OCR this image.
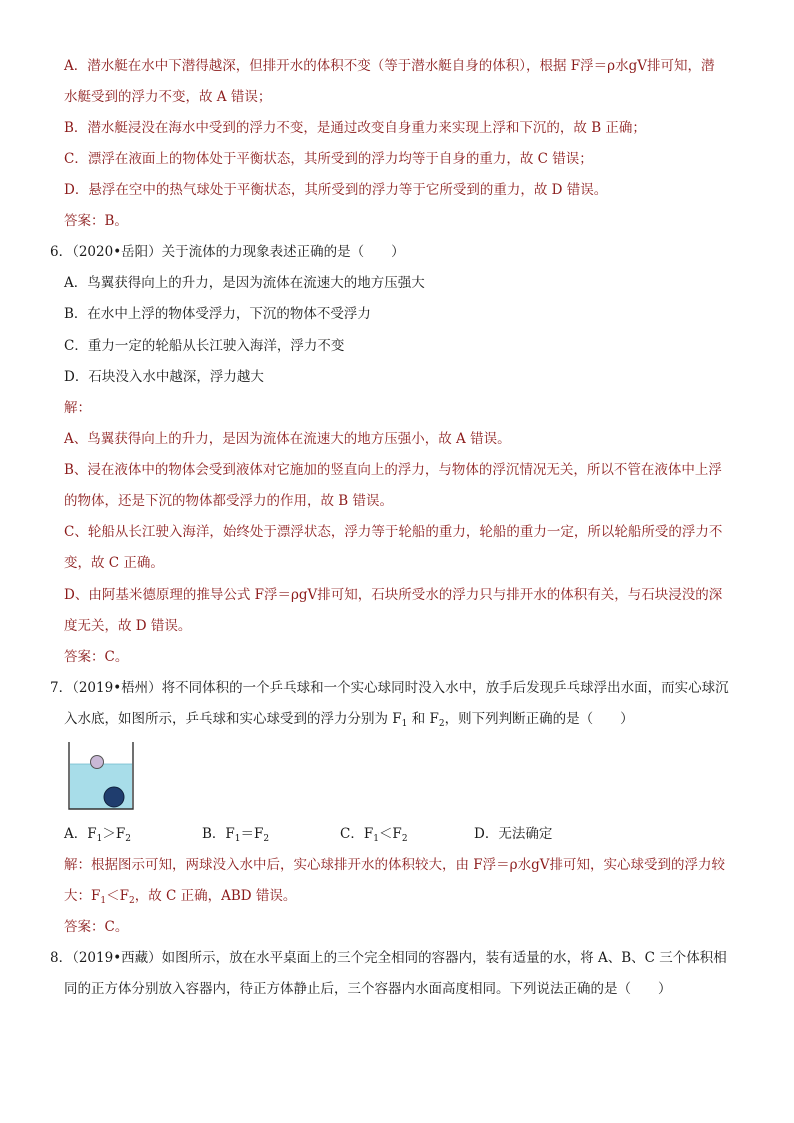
A．潜水艇在水中下潜得越深，但排开水的体积不变（等于潜水艇自身的体积），根据 F浮＝ρ水gV排可知，潜
水艇受到的浮力不变，故 A 错误；
B．潜水艇浸没在海水中受到的浮力不变，是通过改变自身重力来实现上浮和下沉的，故 B 正确；
C．漂浮在液面上的物体处于平衡状态，其所受到的浮力均等于自身的重力，故 C 错误；
D．悬浮在空中的热气球处于平衡状态，其所受到的浮力等于它所受到的重力，故 D 错误。
答案：B。
6．（2020•岳阳）关于流体的力现象表述正确的是（　　）
A．鸟翼获得向上的升力，是因为流体在流速大的地方压强大
B．在水中上浮的物体受浮力，下沉的物体不受浮力
C．重力一定的轮船从长江驶入海洋，浮力不变
D．石块没入水中越深，浮力越大
解：
A、鸟翼获得向上的升力，是因为流体在流速大的地方压强小，故 A 错误。
B、浸在液体中的物体会受到液体对它施加的竖直向上的浮力，与物体的浮沉情况无关，所以不管在液体中上浮
的物体，还是下沉的物体都受浮力的作用，故 B 错误。
C、轮船从长江驶入海洋，始终处于漂浮状态，浮力等于轮船的重力，轮船的重力一定，所以轮船所受的浮力不
变，故 C 正确。
D、由阿基米德原理的推导公式 F浮＝ρgV排可知，石块所受水的浮力只与排开水的体积有关，与石块浸没的深
度无关，故 D 错误。
答案：C。
7．（2019•梧州）将不同体积的一个乒乓球和一个实心球同时没入水中，放手后发现乒乓球浮出水面，而实心球沉
入水底，如图所示，乒乓球和实心球受到的浮力分别为 $F_1$ 和 $F_2$，则下列判断正确的是（　　）
A．$F_1>F_2$	B．$F_1=F_2$	C．$F_1<F_2$	D．无法确定
解：根据图示可知，两球没入水中后，实心球排开水的体积较大，由 F浮＝ρ水gV排可知，实心球受到的浮力较
大：$F_1<F_2$，故 C 正确，ABD 错误。
答案：C。
8．（2019•西藏）如图所示，放在水平桌面上的三个完全相同的容器内，装有适量的水，将 A、B、C 三个体积相
同的正方体分别放入容器内，待正方体静止后，三个容器内水面高度相同。下列说法正确的是（　　）
